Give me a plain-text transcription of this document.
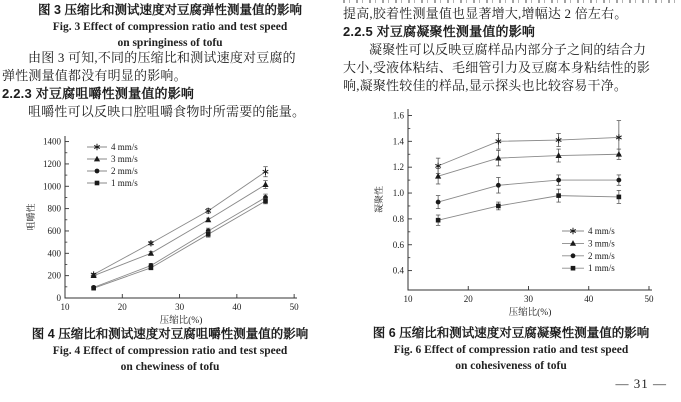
图 3 压缩比和测试速度对豆腐弹性测量值的影响
Fig. 3 Effect of compression ratio and test speed
on springiness of tofu
由图 3 可知,不同的压缩比和测试速度对豆腐的
弹性测量值都没有明显的影响。
2.2.3 对豆腐咀嚼性测量值的影响
咀嚼性可以反映口腔咀嚼食物时所需要的能量。
0
200
400
600
800
1000
1200
1400
10	20	30	40	50
压缩比(%)
咀嚼性
4 mm/s
3 mm/s
2 mm/s
1 mm/s
图 4 压缩比和测试速度对豆腐咀嚼性测量值的影响
Fig. 4 Effect of compression ratio and test speed
on chewiness of tofu
提高,胶着性测量值也显著增大,增幅达 2 倍左右。
2.2.5 对豆腐凝聚性测量值的影响
凝聚性可以反映豆腐样品内部分子之间的结合力
大小,受液体粘结、毛细管引力及豆腐本身粘结性的影
响,凝聚性较佳的样品,显示探头也比较容易干净。
0.4
0.6
0.8
1.0
1.2
1.4
1.6
10	20	30	40	50
压缩比(%)
凝聚性
4 mm/s
3 mm/s
2 mm/s
1 mm/s
图 6 压缩比和测试速度对豆腐凝聚性测量值的影响
Fig. 6 Effect of compression ratio and test speed
on cohesiveness of tofu
— 31 —
